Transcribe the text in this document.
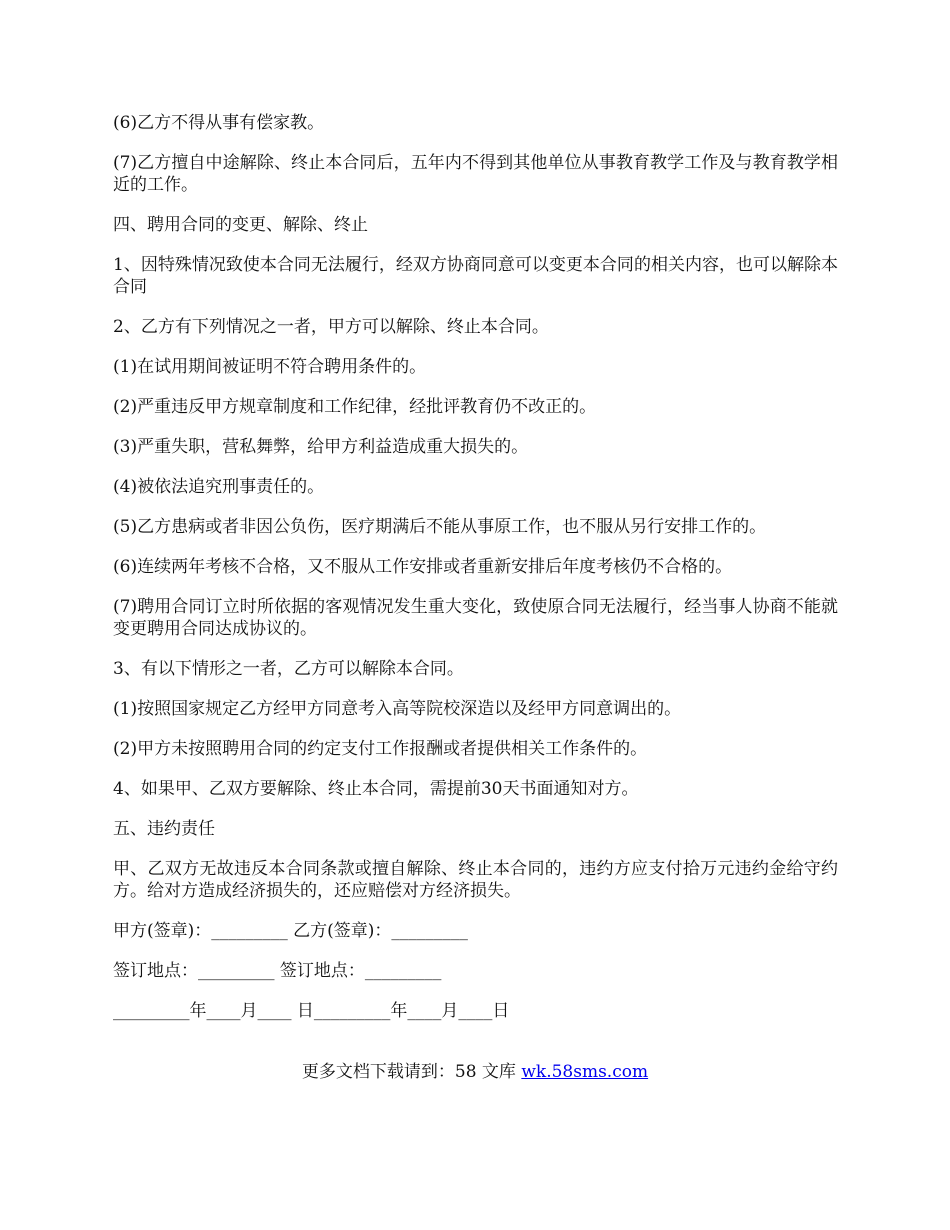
(6)乙方不得从事有偿家教。

(7)乙方擅自中途解除、终止本合同后，五年内不得到其他单位从事教育教学工作及与教育教学相近的工作。

四、聘用合同的变更、解除、终止

1、因特殊情况致使本合同无法履行，经双方协商同意可以变更本合同的相关内容，也可以解除本合同

2、乙方有下列情况之一者，甲方可以解除、终止本合同。

(1)在试用期间被证明不符合聘用条件的。

(2)严重违反甲方规章制度和工作纪律，经批评教育仍不改正的。

(3)严重失职，营私舞弊，给甲方利益造成重大损失的。

(4)被依法追究刑事责任的。

(5)乙方患病或者非因公负伤，医疗期满后不能从事原工作，也不服从另行安排工作的。

(6)连续两年考核不合格，又不服从工作安排或者重新安排后年度考核仍不合格的。

(7)聘用合同订立时所依据的客观情况发生重大变化，致使原合同无法履行，经当事人协商不能就变更聘用合同达成协议的。

3、有以下情形之一者，乙方可以解除本合同。

(1)按照国家规定乙方经甲方同意考入高等院校深造以及经甲方同意调出的。

(2)甲方未按照聘用合同的约定支付工作报酬或者提供相关工作条件的。

4、如果甲、乙双方要解除、终止本合同，需提前30天书面通知对方。

五、违约责任

甲、乙双方无故违反本合同条款或擅自解除、终止本合同的，违约方应支付拾万元违约金给守约方。给对方造成经济损失的，还应赔偿对方经济损失。

甲方(签章)：_________ 乙方(签章)：_________

签订地点：_________ 签订地点：_________

_________年____月____ 日_________年____月____日

更多文档下载请到：58 文库 wk.58sms.com
